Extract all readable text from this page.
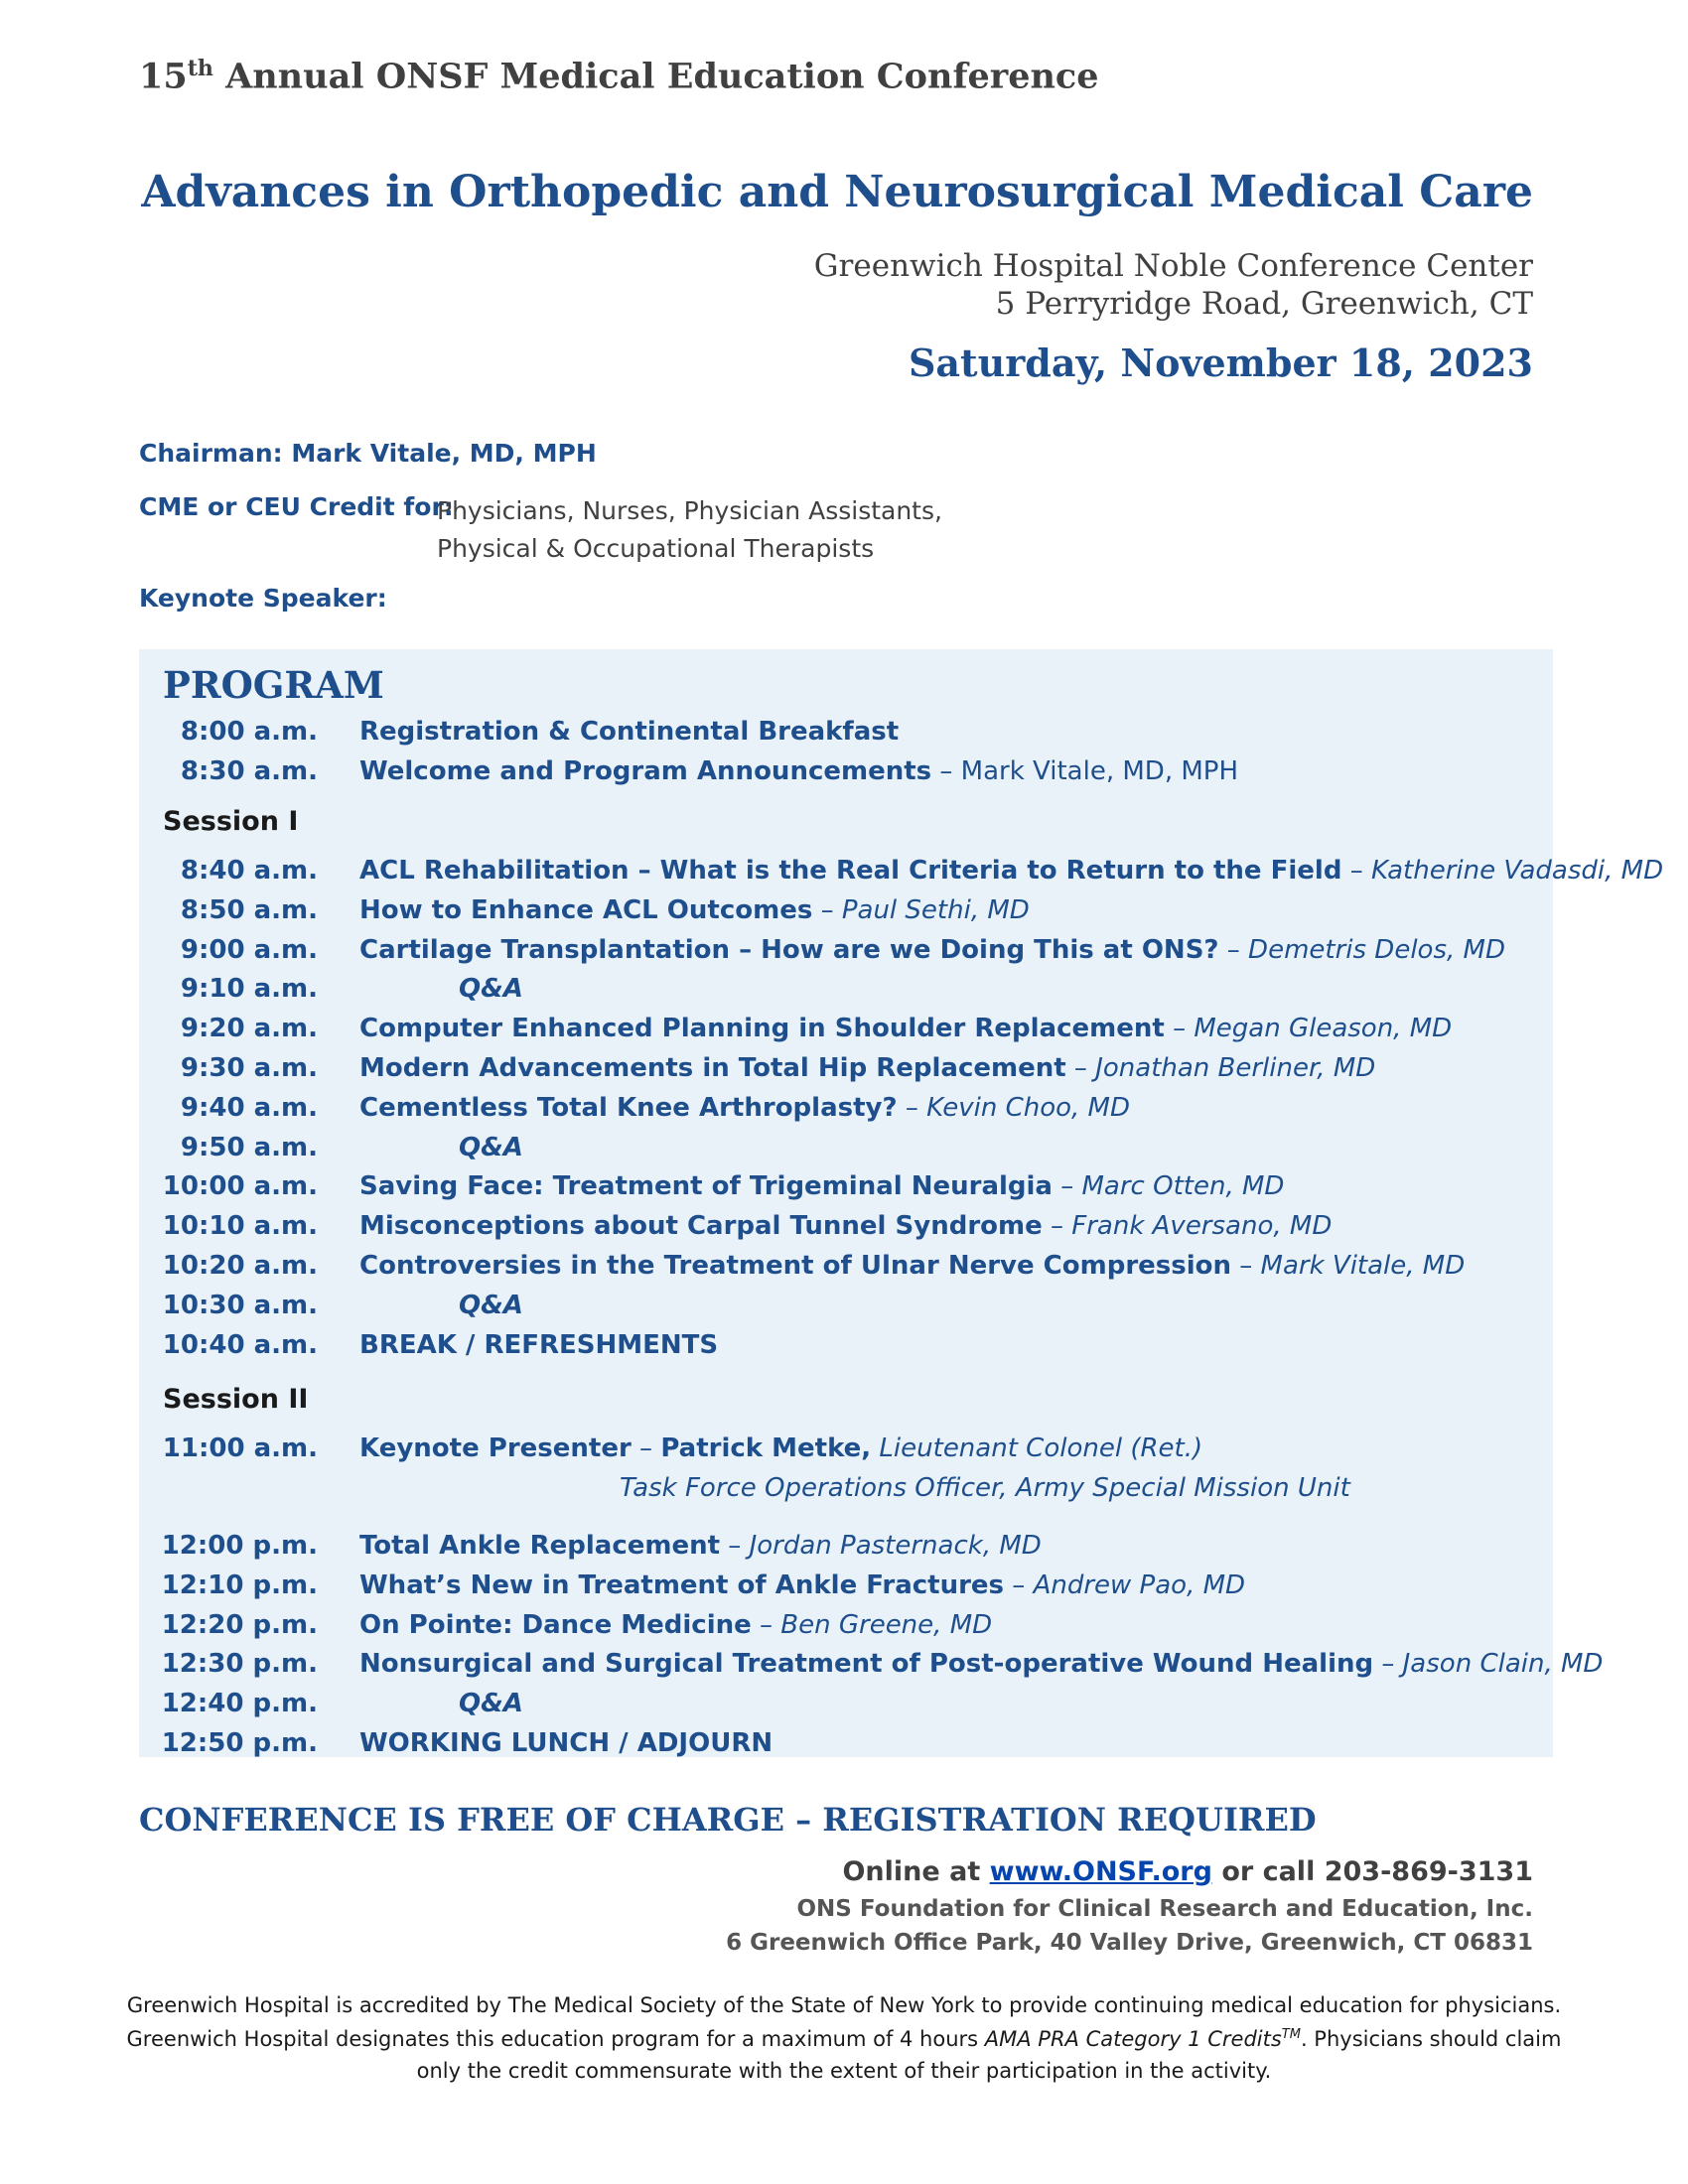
15th Annual ONSF Medical Education Conference
Advances in Orthopedic and Neurosurgical Medical Care
Greenwich Hospital Noble Conference Center
5 Perryridge Road, Greenwich, CT
Saturday, November 18, 2023
Chairman: Mark Vitale, MD, MPH
CME or CEU Credit for:
Physicians, Nurses, Physician Assistants,
Physical & Occupational Therapists
Keynote Speaker:
PROGRAM
8:00 a.m. Registration & Continental Breakfast
8:30 a.m. Welcome and Program Announcements – Mark Vitale, MD, MPH
Session I
8:40 a.m. ACL Rehabilitation – What is the Real Criteria to Return to the Field – Katherine Vadasdi, MD
8:50 a.m. How to Enhance ACL Outcomes – Paul Sethi, MD
9:00 a.m. Cartilage Transplantation – How are we Doing This at ONS? – Demetris Delos, MD
9:10 a.m.	Q&A
9:20 a.m. Computer Enhanced Planning in Shoulder Replacement – Megan Gleason, MD
9:30 a.m. Modern Advancements in Total Hip Replacement – Jonathan Berliner, MD
9:40 a.m. Cementless Total Knee Arthroplasty? – Kevin Choo, MD
9:50 a.m.	Q&A
10:00 a.m. Saving Face: Treatment of Trigeminal Neuralgia – Marc Otten, MD
10:10 a.m. Misconceptions about Carpal Tunnel Syndrome – Frank Aversano, MD
10:20 a.m. Controversies in the Treatment of Ulnar Nerve Compression – Mark Vitale, MD
10:30 a.m.	Q&A
10:40 a.m. BREAK / REFRESHMENTS
Session II
11:00 a.m. Keynote Presenter – Patrick Metke, Lieutenant Colonel (Ret.)
Task Force Operations Officer, Army Special Mission Unit
12:00 p.m. Total Ankle Replacement – Jordan Pasternack, MD
12:10 p.m. What’s New in Treatment of Ankle Fractures – Andrew Pao, MD
12:20 p.m. On Pointe: Dance Medicine – Ben Greene, MD
12:30 p.m. Nonsurgical and Surgical Treatment of Post-operative Wound Healing – Jason Clain, MD
12:40 p.m.	Q&A
12:50 p.m. WORKING LUNCH / ADJOURN
CONFERENCE IS FREE OF CHARGE – REGISTRATION REQUIRED
Online at www.ONSF.org or call 203-869-3131
ONS Foundation for Clinical Research and Education, Inc.
6 Greenwich Office Park, 40 Valley Drive, Greenwich, CT 06831
Greenwich Hospital is accredited by The Medical Society of the State of New York to provide continuing medical education for physicians.
Greenwich Hospital designates this education program for a maximum of 4 hours AMA PRA Category 1 Credits™. Physicians should claim
only the credit commensurate with the extent of their participation in the activity.
